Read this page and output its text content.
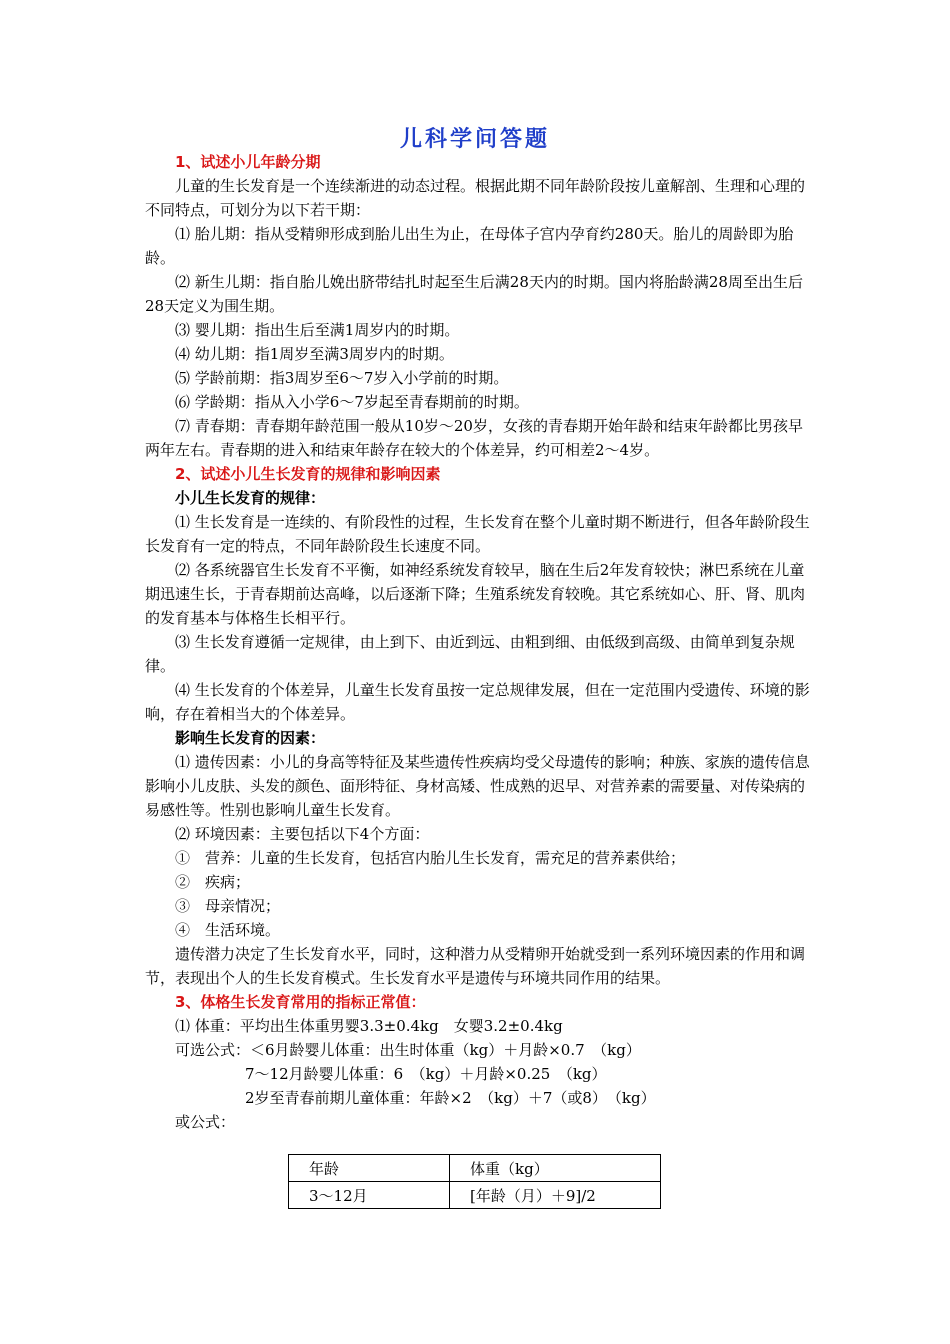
儿科学问答题

1、试述小儿年龄分期

儿童的生长发育是一个连续渐进的动态过程。根据此期不同年龄阶段按儿童解剖、生理和心理的不同特点，可划分为以下若干期：

⑴ 胎儿期：指从受精卵形成到胎儿出生为止，在母体子宫内孕育约280天。胎儿的周龄即为胎龄。

⑵ 新生儿期：指自胎儿娩出脐带结扎时起至生后满28天内的时期。国内将胎龄满28周至出生后28天定义为围生期。

⑶ 婴儿期：指出生后至满1周岁内的时期。

⑷ 幼儿期：指1周岁至满3周岁内的时期。

⑸ 学龄前期：指3周岁至6～7岁入小学前的时期。

⑹ 学龄期：指从入小学6～7岁起至青春期前的时期。

⑺ 青春期：青春期年龄范围一般从10岁～20岁，女孩的青春期开始年龄和结束年龄都比男孩早两年左右。青春期的进入和结束年龄存在较大的个体差异，约可相差2～4岁。

2、试述小儿生长发育的规律和影响因素

小儿生长发育的规律：

⑴ 生长发育是一连续的、有阶段性的过程，生长发育在整个儿童时期不断进行，但各年龄阶段生长发育有一定的特点，不同年龄阶段生长速度不同。

⑵ 各系统器官生长发育不平衡，如神经系统发育较早，脑在生后2年发育较快；淋巴系统在儿童期迅速生长，于青春期前达高峰，以后逐渐下降；生殖系统发育较晚。其它系统如心、肝、肾、肌肉的发育基本与体格生长相平行。

⑶ 生长发育遵循一定规律，由上到下、由近到远、由粗到细、由低级到高级、由简单到复杂规律。

⑷ 生长发育的个体差异，儿童生长发育虽按一定总规律发展，但在一定范围内受遗传、环境的影响，存在着相当大的个体差异。

影响生长发育的因素：

⑴ 遗传因素：小儿的身高等特征及某些遗传性疾病均受父母遗传的影响；种族、家族的遗传信息影响小儿皮肤、头发的颜色、面形特征、身材高矮、性成熟的迟早、对营养素的需要量、对传染病的易感性等。性别也影响儿童生长发育。

⑵ 环境因素：主要包括以下4个方面：

①　营养：儿童的生长发育，包括宫内胎儿生长发育，需充足的营养素供给；

②　疾病；

③　母亲情况；

④　生活环境。

遗传潜力决定了生长发育水平，同时，这种潜力从受精卵开始就受到一系列环境因素的作用和调节，表现出个人的生长发育模式。生长发育水平是遗传与环境共同作用的结果。

3、体格生长发育常用的指标正常值：

⑴ 体重：平均出生体重男婴3.3±0.4kg　女婴3.2±0.4kg

可选公式：＜6月龄婴儿体重：出生时体重（kg）＋月龄×0.7　（kg）

7～12月龄婴儿体重：6　（kg）＋月龄×0.25　（kg）

2岁至青春前期儿童体重：年龄×2　（kg）＋7（或8）　（kg）

或公式：

年龄	体重（kg）
3～12月	[年龄（月）＋9]/2
